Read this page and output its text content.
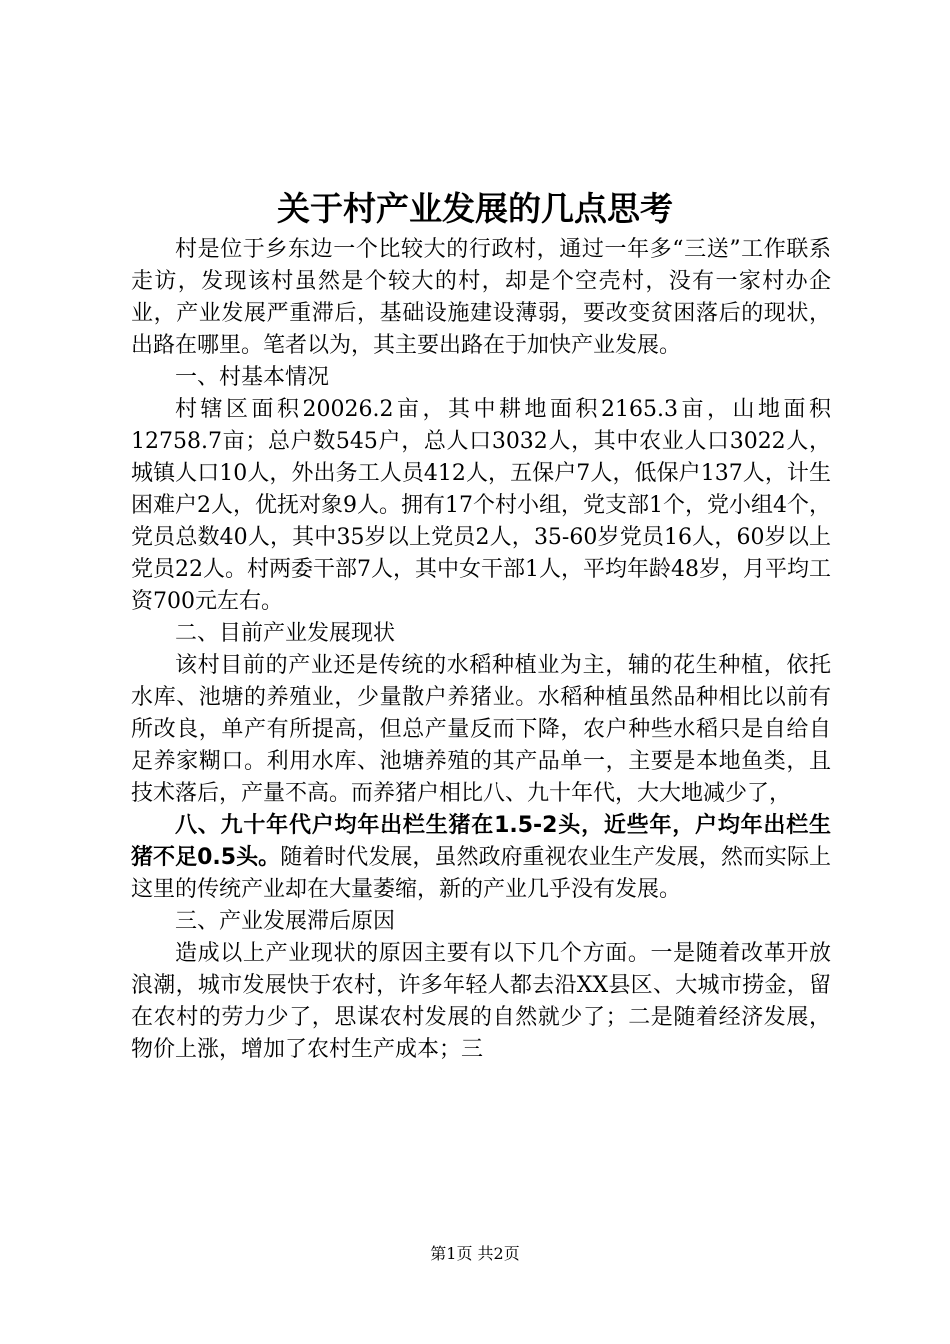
关于村产业发展的几点思考

村是位于乡东边一个比较大的行政村，通过一年多“三送”工作联系走访，发现该村虽然是个较大的村，却是个空壳村，没有一家村办企业，产业发展严重滞后，基础设施建设薄弱，要改变贫困落后的现状，出路在哪里。笔者以为，其主要出路在于加快产业发展。

一、村基本情况

村辖区面积20026.2亩，其中耕地面积2165.3亩，山地面积12758.7亩；总户数545户，总人口3032人，其中农业人口3022人，城镇人口10人，外出务工人员412人，五保户7人，低保户137人，计生困难户2人，优抚对象9人。拥有17个村小组，党支部1个，党小组4个，党员总数40人，其中35岁以上党员2人，35-60岁党员16人，60岁以上党员22人。村两委干部7人，其中女干部1人，平均年龄48岁，月平均工资700元左右。

二、目前产业发展现状

该村目前的产业还是传统的水稻种植业为主，辅的花生种植，依托水库、池塘的养殖业，少量散户养猪业。水稻种植虽然品种相比以前有所改良，单产有所提高，但总产量反而下降，农户种些水稻只是自给自足养家糊口。利用水库、池塘养殖的其产品单一，主要是本地鱼类，且技术落后，产量不高。而养猪户相比八、九十年代，大大地减少了，

八、九十年代户均年出栏生猪在1.5-2头，近些年，户均年出栏生猪不足0.5头。随着时代发展，虽然政府重视农业生产发展，然而实际上这里的传统产业却在大量萎缩，新的产业几乎没有发展。

三、产业发展滞后原因

造成以上产业现状的原因主要有以下几个方面。一是随着改革开放浪潮，城市发展快于农村，许多年轻人都去沿XX县区、大城市捞金，留在农村的劳力少了，思谋农村发展的自然就少了；二是随着经济发展，物价上涨，增加了农村生产成本；三

第1页 共2页
